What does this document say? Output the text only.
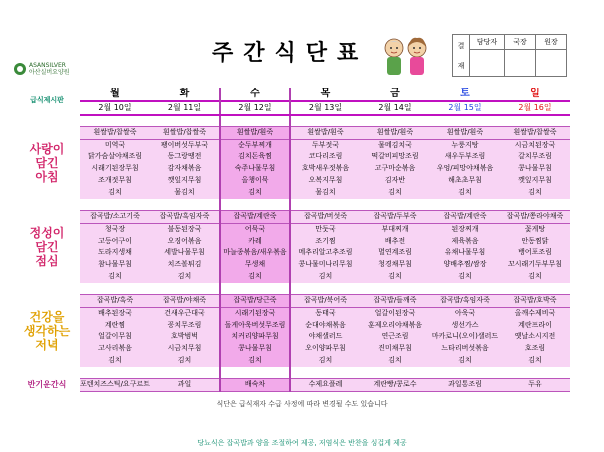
ASANSILVER
아산실버요양원
주간식단표	결
재	담당자	국장	원장

급식제시판	월	화	수	목	금	토	일
	2월 10일	2월 11일	2월 12일	2월 13일	2월 14일	2월 15일	2월 16일

사랑이
담긴
아침	흰쌀밥/찹쌀죽	흰쌀밥/찹쌀죽	흰쌀밥/흰죽	흰쌀밥/흰죽	흰쌀밥/흰죽	흰쌀밥/흰죽	흰쌀밥/찹쌀죽
	미역국	팽이버섯두부국	순두부찌개	두부젓국	물메김치국	누룽지탕	시금치된장국
	닭가슴살야채조림	동그랑땡전	김치돈육찜	코다리조림	떡갈비피망조림	새우두부조림	갈치무조림
	시래기된장무침	감자채볶음	숙주나물무침	호박새우젓볶음	고구마순볶음	우엉/피망야채볶음	콩나물무침
	조개젓무침	깻잎지무침	올챙이묵	오복지무침	김자반	해초초무침	깻잎지무침
	김치	물김치	김치	물김치	김치	김치	김치

정성이
담긴
점심	잡곡밥/소고기죽	잡곡밥/흑임자죽	잡곡밥/계란죽	잡곡밥/버섯죽	잡곡밥/두부죽	잡곡밥/계란죽	잡곡밥/쫑라야채죽
	청국장	불동된장국	어묵국	만둣국	부대찌개	된장찌개	꽃게탕
	고등어구이	오징어볶음	카레	조기찜	배추전	제육볶음	안동찜닭
	도라지생채	세발나물무침	마늘종볶음/새우볶음	메추리알고추조림	멸연계조림	유채나물무침	뱅어포조림
	참나물무침	치즈볼튀김	무생채	콩나물미나리무침	청경채무침	양배추찜/쌈장	꼬시래기두부무침
	김치	김치	김치	김치	김치	김치	김치

건강을
생각하는
저녁	잡곡밥/흑죽	잡곡밥/야채죽	잡곡밥/당근죽	잡곡밥/북어죽	잡곡밥/들깨죽	잡곡밥/흑임자죽	잡곡밥/호박죽
	배추된장국	건새우근대국	시래기된장국	동태국	얼갈이된장국	아욱국	올깨수제비국
	계란찜	꽁치무조림	돌게아욱버섯무조림	순대야채볶음	훈제오리야채볶음	생선가스	계란프라이
	얼갈이무침	호박범벅	치커리양파무침	야채샐러드	연근조림	마카로니(오이)샐러드	옛날소시지전
	고사리볶음	시금치무침	콩나물무침	오이양파무침	진미채무침	느타리버섯볶음	호조림
	김치	김치	김치	김치	김치	김치	김치

반기운간식	포텐치즈스틱/요구르트	과일	배숙차	수제요플레	계란빵/콩로수	과일통조림	두유
식단은 급식재자 수급 사정에 따라 변경될 수도 있습니다
당뇨식은 잡곡밥과 양을 조절하여 제공, 저염식은 반찬을 싱겁게 제공
